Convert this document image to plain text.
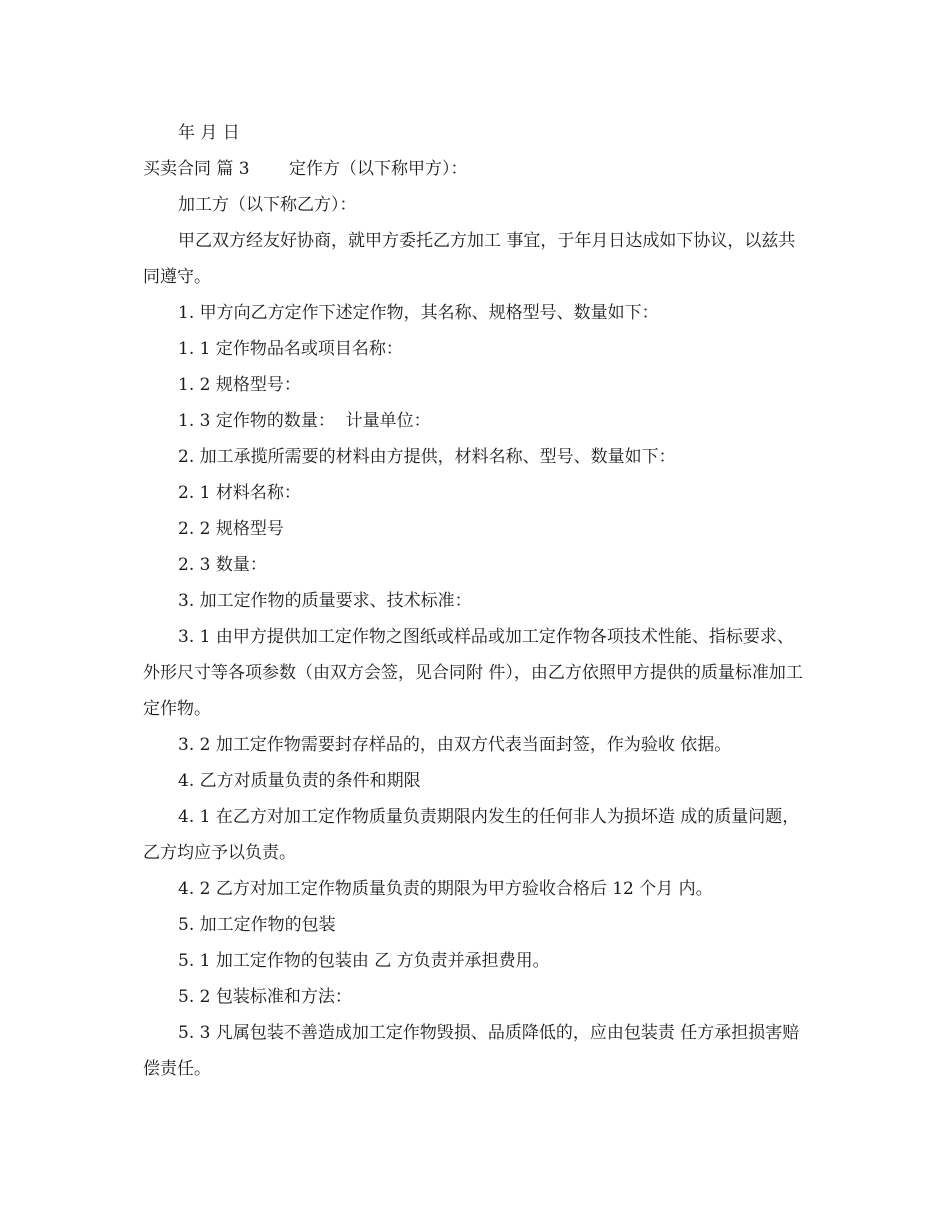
年 月 日

买卖合同 篇 3　　 定作方（以下称甲方）：

加工方（以下称乙方）：

甲乙双方经友好协商，就甲方委托乙方加工 事宜，于年月日达成如下协议，以兹共同遵守。

1. 甲方向乙方定作下述定作物，其名称、规格型号、数量如下：

1. 1 定作物品名或项目名称：

1. 2 规格型号：

1. 3 定作物的数量：  计量单位：

2. 加工承揽所需要的材料由方提供，材料名称、型号、数量如下：

2. 1 材料名称：

2. 2 规格型号

2. 3 数量：

3. 加工定作物的质量要求、技术标准：

3. 1 由甲方提供加工定作物之图纸或样品或加工定作物各项技术性能、指标要求、外形尺寸等各项参数（由双方会签，见合同附 件），由乙方依照甲方提供的质量标准加工定作物。

3. 2 加工定作物需要封存样品的，由双方代表当面封签，作为验收 依据。

4. 乙方对质量负责的条件和期限

4. 1 在乙方对加工定作物质量负责期限内发生的任何非人为损坏造 成的质量问题，乙方均应予以负责。

4. 2 乙方对加工定作物质量负责的期限为甲方验收合格后 12 个月 内。

5. 加工定作物的包装

5. 1 加工定作物的包装由 乙 方负责并承担费用。

5. 2 包装标准和方法：

5. 3 凡属包装不善造成加工定作物毁损、品质降低的，应由包装责 任方承担损害赔偿责任。
